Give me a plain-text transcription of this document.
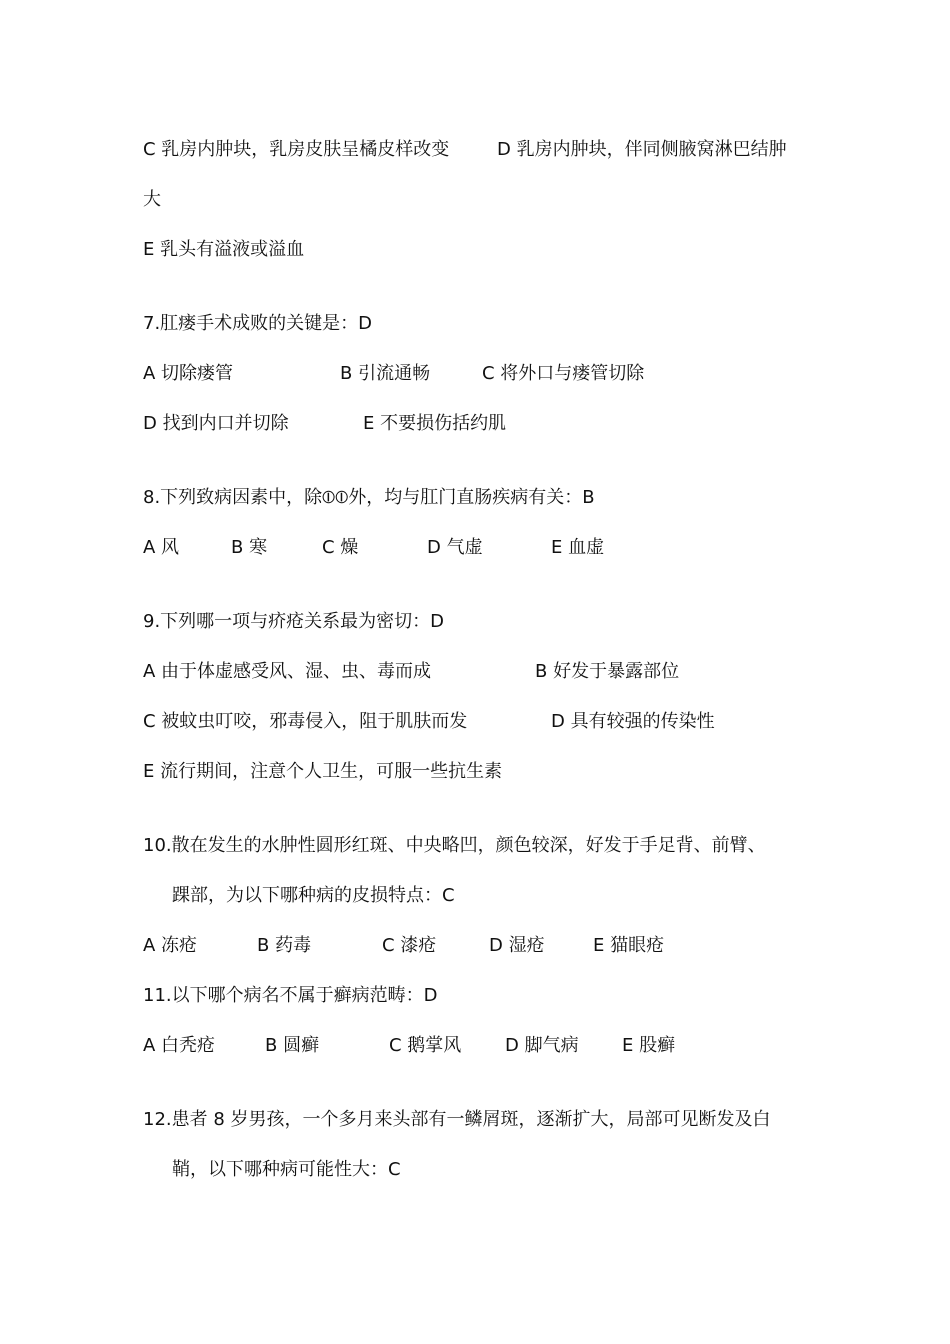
C 乳房内肿块，乳房皮肤呈橘皮样改变	D 乳房内肿块，伴同侧腋窝淋巴结肿
大
E 乳头有溢液或溢血
7.肛瘘手术成败的关键是：D
A 切除瘘管	B 引流通畅	C 将外口与瘘管切除
D 找到内口并切除	E 不要损伤括约肌
8.下列致病因素中，除⦶⦶外，均与肛门直肠疾病有关：B
A 风	B 寒	C 燥	D 气虚	E 血虚
9.下列哪一项与疥疮关系最为密切：D
A 由于体虚感受风、湿、虫、毒而成	B 好发于暴露部位
C 被蚊虫叮咬，邪毒侵入，阻于肌肤而发	D 具有较强的传染性
E 流行期间，注意个人卫生，可服一些抗生素
10.散在发生的水肿性圆形红斑、中央略凹，颜色较深，好发于手足背、前臂、
踝部，为以下哪种病的皮损特点：C
A 冻疮	B 药毒	C 漆疮	D 湿疮	E 猫眼疮
11.以下哪个病名不属于癣病范畴：D
A 白秃疮	B 圆癣	C 鹅掌风 D 脚气病 E 股癣
12.患者 8 岁男孩，一个多月来头部有一鳞屑斑，逐渐扩大，局部可见断发及白
鞘，以下哪种病可能性大：C
